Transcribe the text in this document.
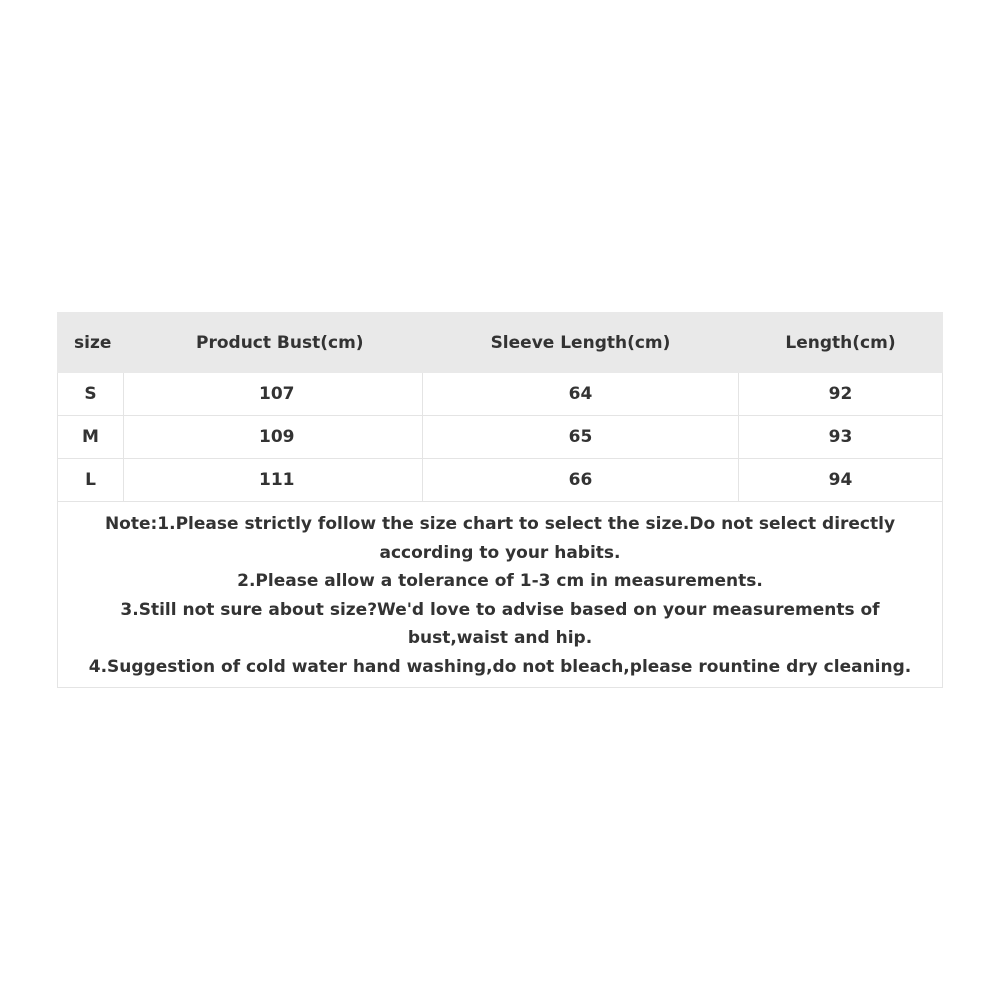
size	Product Bust(cm)	Sleeve Length(cm)	Length(cm)
S	107	64	92
M	109	65	93
L	111	66	94

Note:1.Please strictly follow the size chart to select the size.Do not select directly according to your habits.
2.Please allow a tolerance of 1-3 cm in measurements.
3.Still not sure about size?We'd love to advise based on your measurements of bust,waist and hip.
4.Suggestion of cold water hand washing,do not bleach,please rountine dry cleaning.			
